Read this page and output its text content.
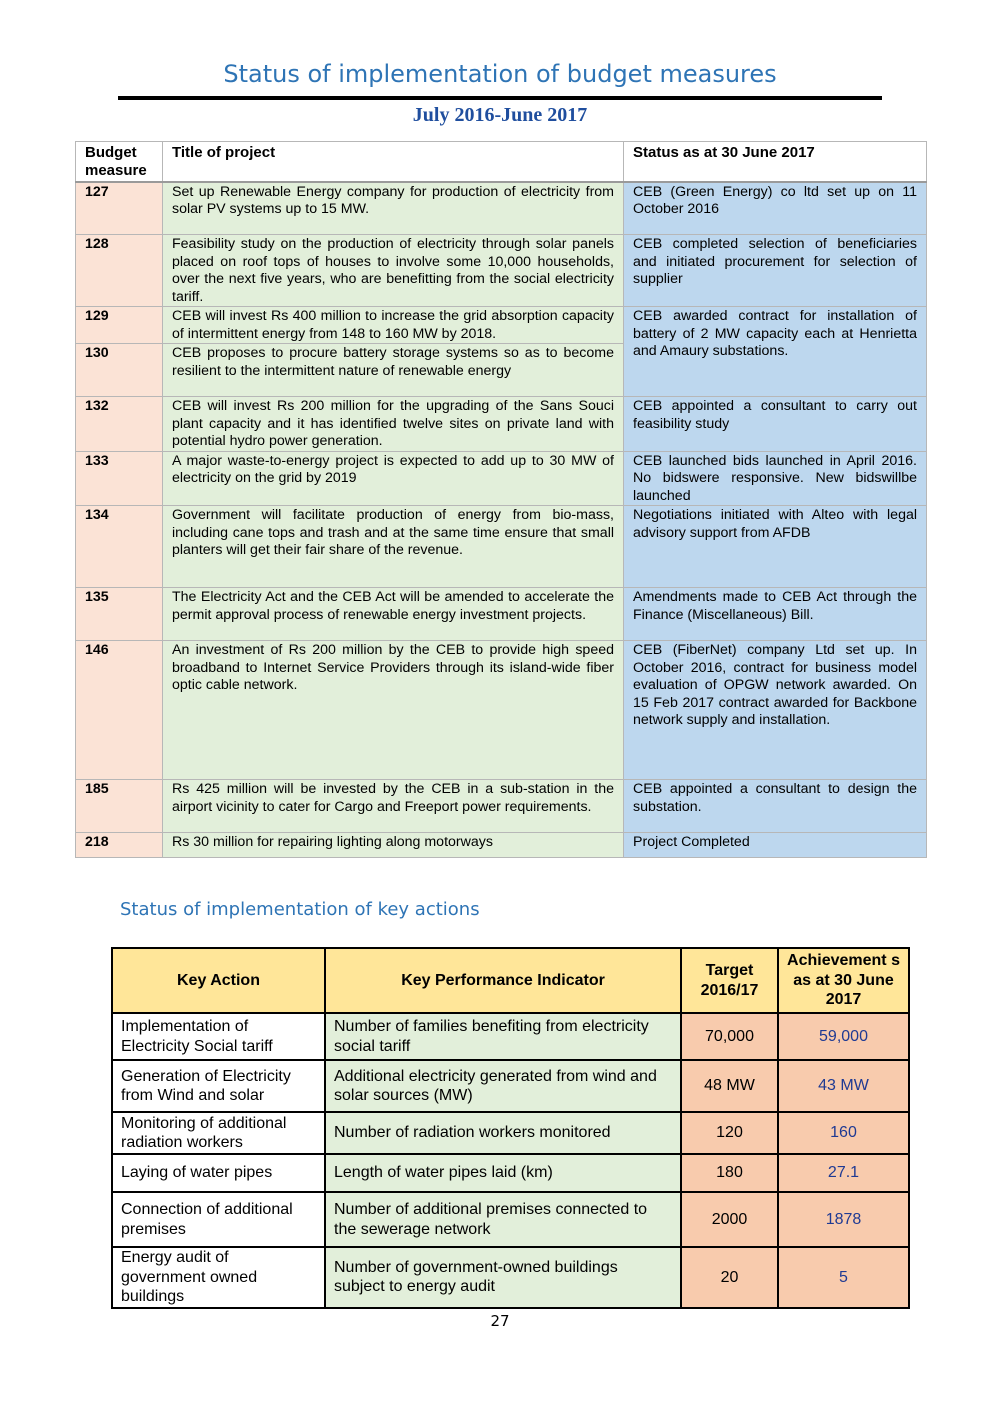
Status of implementation of budget measures
July 2016-June 2017
Budget measure	Title of project	Status as at 30 June 2017
127	Set up Renewable Energy company for production of electricity from solar PV systems up to 15 MW.	CEB (Green Energy) co ltd set up on 11 October 2016
128	Feasibility study on the production of electricity through solar panels placed on roof tops of houses to involve some 10,000 households, over the next five years, who are benefitting from the social electricity tariff.	CEB completed selection of beneficiaries and initiated procurement for selection of supplier
129	CEB will invest Rs 400 million to increase the grid absorption capacity of intermittent energy from 148 to 160 MW by 2018.	CEB awarded contract for installation of battery of 2 MW capacity each at Henrietta and Amaury substations.
130	CEB proposes to procure battery storage systems so as to become resilient to the intermittent nature of renewable energy	
132	CEB will invest Rs 200 million for the upgrading of the Sans Souci plant capacity and it has identified twelve sites on private land with potential hydro power generation.	CEB appointed a consultant to carry out feasibility study
133	A major waste-to-energy project is expected to add up to 30 MW of electricity on the grid by 2019	CEB launched bids launched in April 2016. No bidswere responsive. New bidswillbe launched
134	Government will facilitate production of energy from bio-mass, including cane tops and trash and at the same time ensure that small planters will get their fair share of the revenue.	Negotiations initiated with Alteo with legal advisory support from AFDB
135	The Electricity Act and the CEB Act will be amended to accelerate the permit approval process of renewable energy investment projects.	Amendments made to CEB Act through the Finance (Miscellaneous) Bill.
146	An investment of Rs 200 million by the CEB to provide high speed broadband to Internet Service Providers through its island-wide fiber optic cable network.	CEB (FiberNet) company Ltd set up. In October 2016, contract for business model evaluation of OPGW network awarded. On 15 Feb 2017 contract awarded for Backbone network supply and installation.
185	Rs 425 million will be invested by the CEB in a sub-station in the airport vicinity to cater for Cargo and Freeport power requirements.	CEB appointed a consultant to design the substation.
218	Rs 30 million for repairing lighting along motorways	Project Completed
Status of implementation of key actions
Key Action	Key Performance Indicator	Target 2016/17	Achievement s as at 30 June 2017
Implementation of Electricity Social tariff	Number of families benefiting from electricity social tariff	70,000	59,000
Generation of Electricity from Wind and solar	Additional electricity generated from wind and solar sources (MW)	48 MW	43 MW
Monitoring of additional radiation workers	Number of radiation workers monitored	120	160
Laying of water pipes	Length of water pipes laid (km)	180	27.1
Connection of additional premises	Number of additional premises connected to the sewerage network	2000	1878
Energy audit of government owned buildings	Number of government-owned buildings subject to energy audit	20	5
27
